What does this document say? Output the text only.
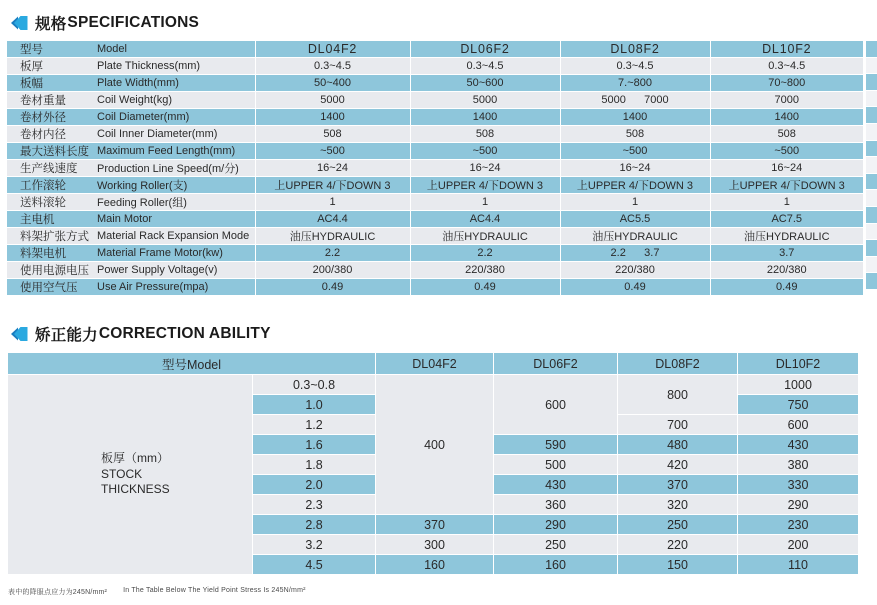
规格 SPECIFICATIONS
型号	Model	DL04F2	DL06F2	DL08F2	DL10F2
板厚	Plate Thickness(mm)	0.3~4.5	0.3~4.5	0.3~4.5	0.3~4.5
板幅	Plate Width(mm)	50~400	50~600	7.~800	70~800
卷材重量	Coil Weight(kg)	5000	5000	5000      7000	7000
卷材外径	Coil Diameter(mm)	1400	1400	1400	1400
卷材内径	Coil Inner Diameter(mm)	508	508	508	508
最大送料长度	Maximum Feed Length(mm)	~500	~500	~500	~500
生产线速度	Production Line Speed(m/分)	16~24	16~24	16~24	16~24
工作滚轮	Working Roller(支)	上UPPER 4/下DOWN 3	上UPPER 4/下DOWN 3	上UPPER 4/下DOWN 3	上UPPER 4/下DOWN 3
送料滚轮	Feeding Roller(组)	1	1	1	1
主电机	Main Motor	AC4.4	AC4.4	AC5.5	AC7.5
料架扩张方式	Material Rack Expansion Mode	油压HYDRAULIC	油压HYDRAULIC	油压HYDRAULIC	油压HYDRAULIC
料架电机	Material Frame Motor(kw)	2.2	2.2	2.2      3.7	3.7
使用电源电压	Power Supply Voltage(v)	200/380	220/380	220/380	220/380
使用空气压	Use Air Pressure(mpa)	0.49	0.49	0.49	0.49
矫正能力 CORRECTION ABILITY
型号Model		DL04F2	DL06F2	DL08F2	DL10F2

板厚（mm）
STOCK
THICKNESS	0.3~0.8	400	600	800	1000
	1.0				750
	1.2			700	600
	1.6		590	480	430
	1.8		500	420	380
	2.0		430	370	330
	2.3		360	320	290
	2.8	370	290	250	230
	3.2	300	250	220	200
	4.5	160	160	150	110
表中的降服点应力为245N/mm² In The Table Below The Yield Point Stress Is 245N/mm²
